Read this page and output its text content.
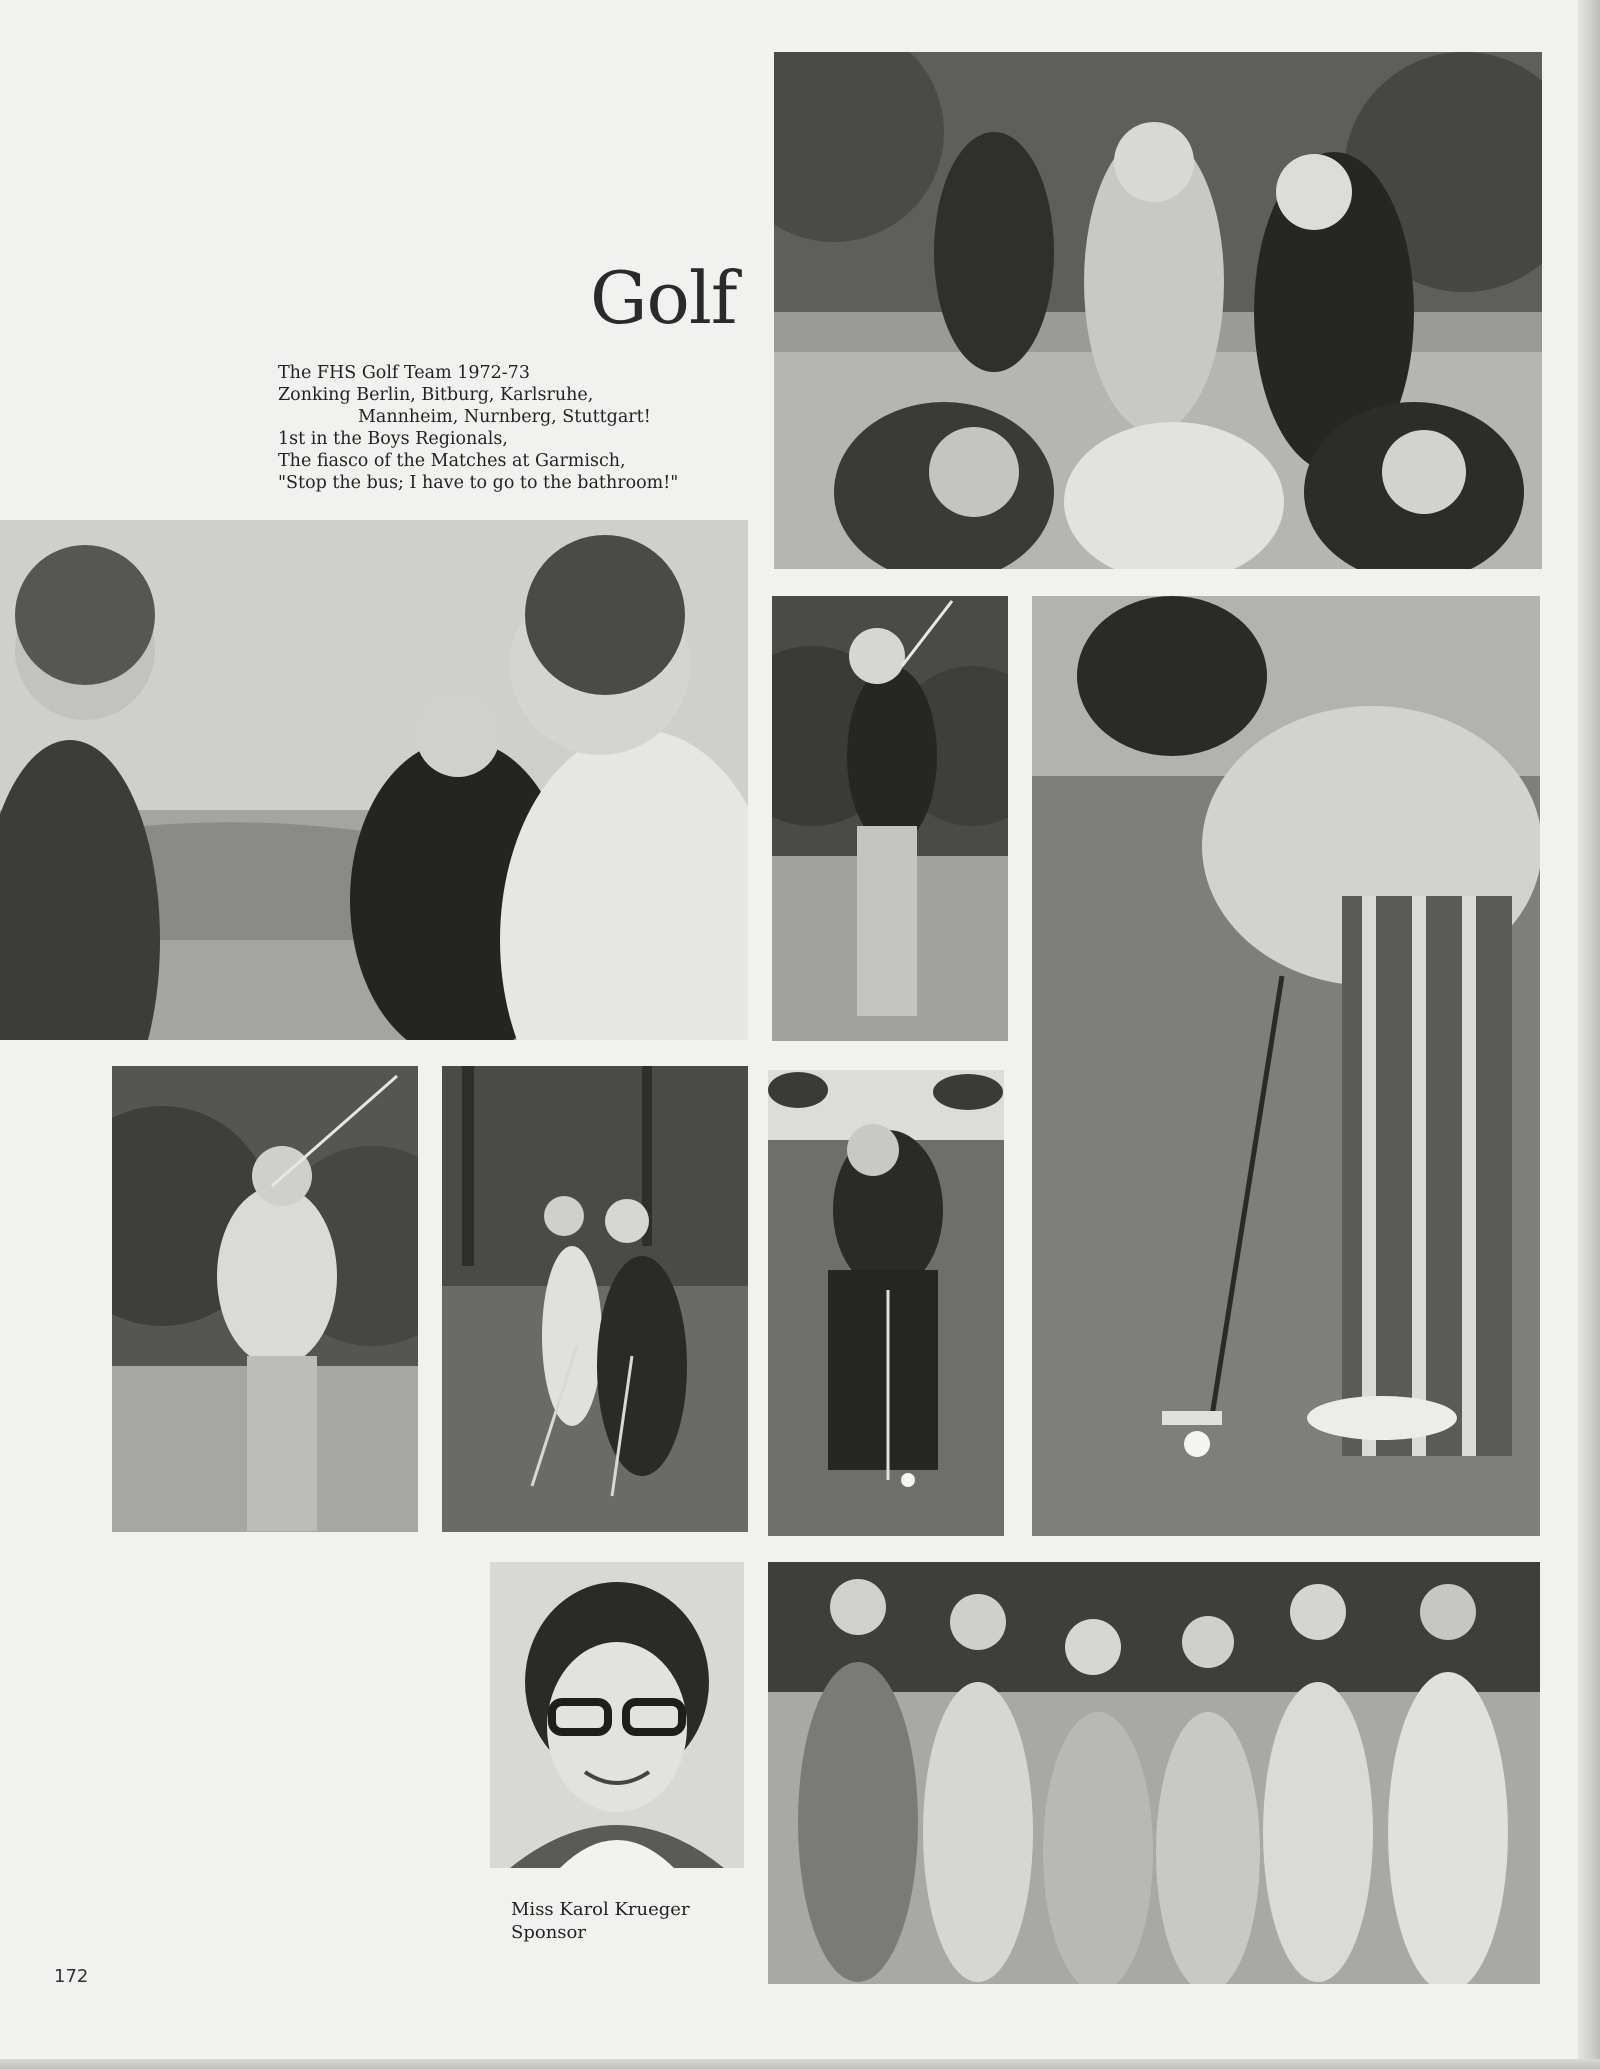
Golf
The FHS Golf Team 1972-73
Zonking Berlin, Bitburg, Karlsruhe,
Mannheim, Nurnberg, Stuttgart!
1st in the Boys Regionals,
The fiasco of the Matches at Garmisch,
"Stop the bus; I have to go to the bathroom!"
Miss Karol Krueger
Sponsor
172
